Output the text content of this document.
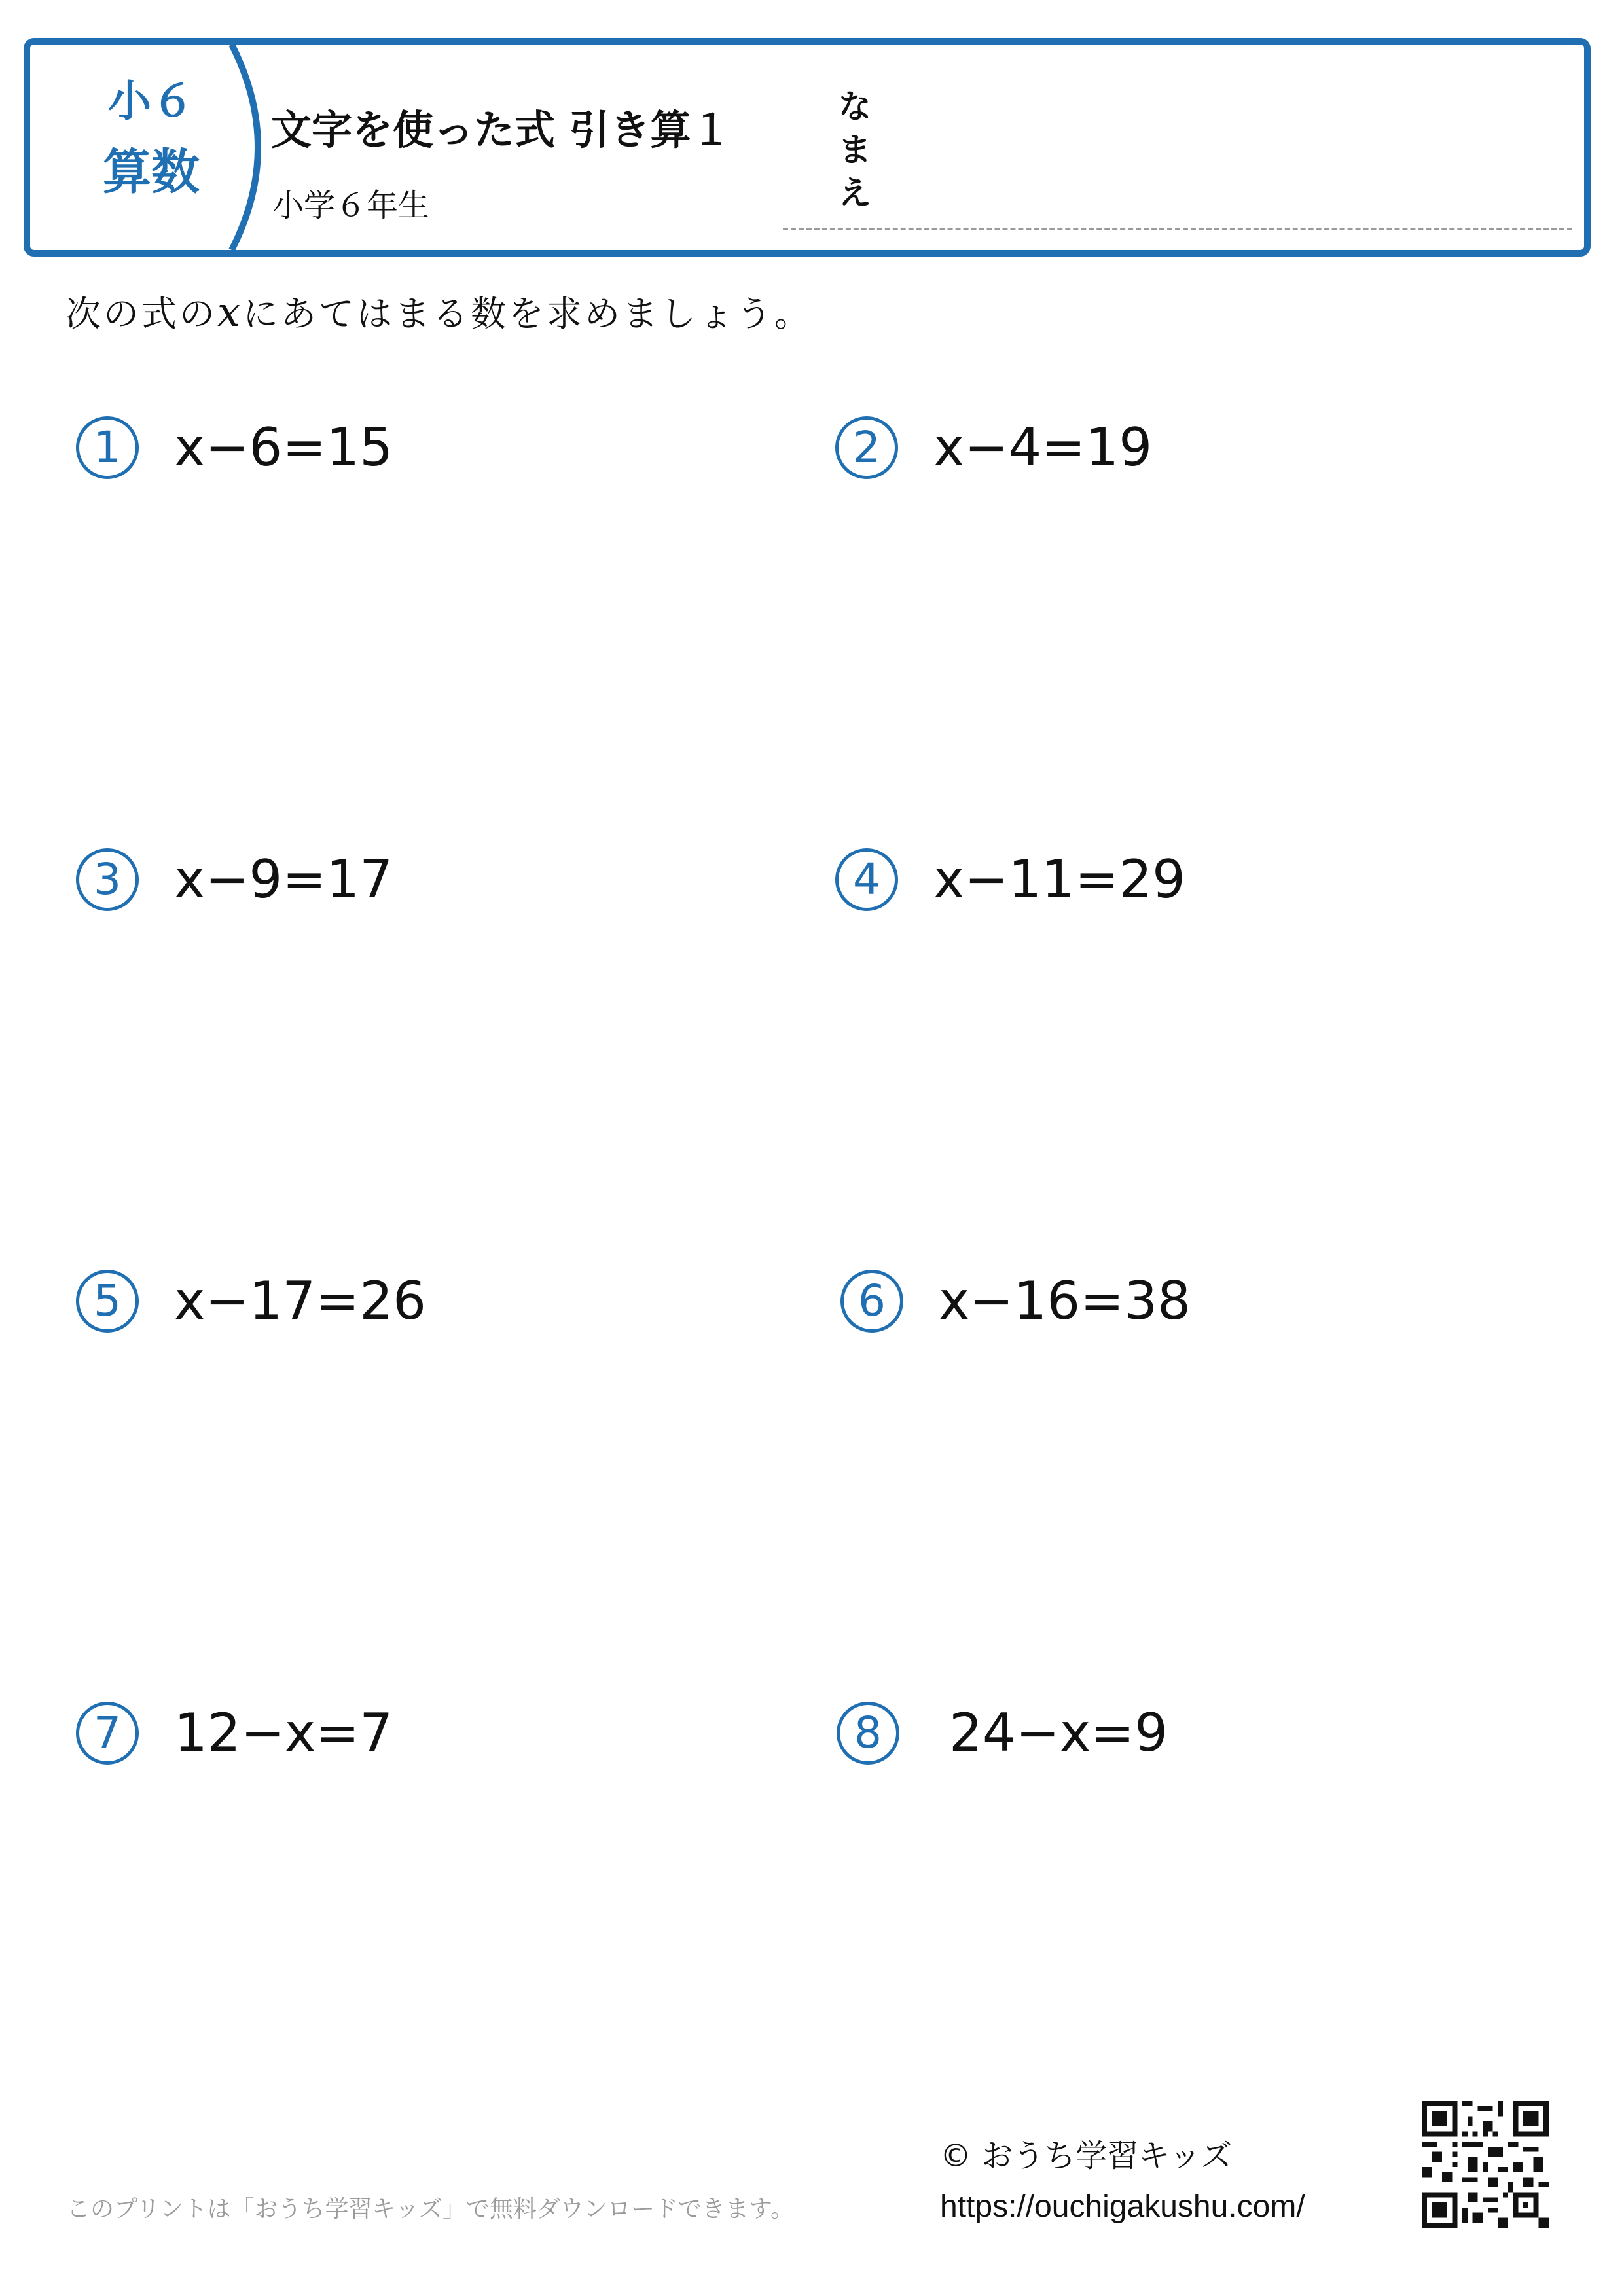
小６
算数
文字を使った式 引き算１
小学６年生
な
ま
え
次の式のxにあてはまる数を求めましょう。
1	x−6=15	2	x−4=19
3	x−9=17	4	x−11=29
5	x−17=26	6	x−16=38
7	12−x=7	8	24−x=9
このプリントは「おうち学習キッズ」で無料ダウンロードできます。
© おうち学習キッズ
https://ouchigakushu.com/
